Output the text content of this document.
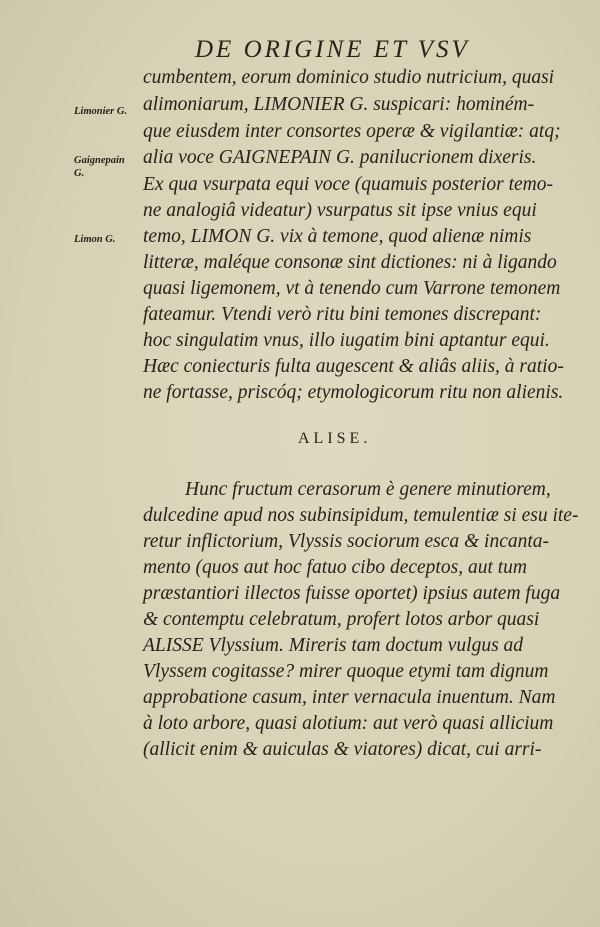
DE ORIGINE ET VSV
Limonier G.
Gaignepain
G.
Limon G.
cumbentem, eorum dominico studio nutricium, quasi
alimoniarum, LIMONIER G. suspicari: hominém-
que eiusdem inter consortes operæ & vigilantiæ: atq;
alia voce GAIGNEPAIN G. panilucrionem dixeris.
Ex qua vsurpata equi voce (quamuis posterior temo-
ne analogiâ videatur) vsurpatus sit ipse vnius equi
temo, LIMON G. vix à temone, quod alienæ nimis
litteræ, maléque consonæ sint dictiones: ni à ligando
quasi ligemonem, vt à tenendo cum Varrone temonem
fateamur. Vtendi verò ritu bini temones discrepant:
hoc singulatim vnus, illo iugatim bini aptantur equi.
Hæc coniecturis fulta augescent & aliâs aliis, à ratio-
ne fortasse, priscóq; etymologicorum ritu non alienis.
ALISE.
Hunc fructum cerasorum è genere minutiorem,
dulcedine apud nos subinsipidum, temulentiæ si esu ite-
retur inflictorium, Vlyssis sociorum esca & incanta-
mento (quos aut hoc fatuo cibo deceptos, aut tum
præstantiori illectos fuisse oportet) ipsius autem fuga
& contemptu celebratum, profert lotos arbor quasi
ALISSE Vlyssium. Mireris tam doctum vulgus ad
Vlyssem cogitasse? mirer quoque etymi tam dignum
approbatione casum, inter vernacula inuentum. Nam
à loto arbore, quasi alotium: aut verò quasi allicium
(allicit enim & auiculas & viatores) dicat, cui arri-
